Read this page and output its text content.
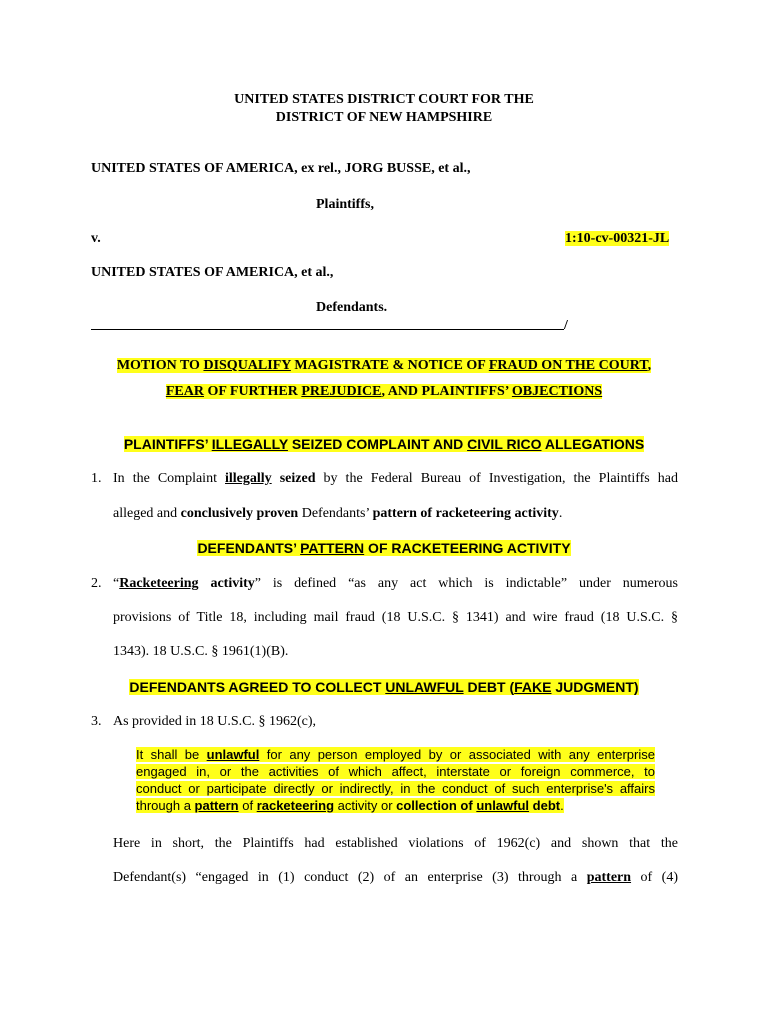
UNITED STATES DISTRICT COURT FOR THE
DISTRICT OF NEW HAMPSHIRE
UNITED STATES OF AMERICA, ex rel., JORG BUSSE, et al.,
Plaintiffs,
v.	1:10-cv-00321-JL
UNITED STATES OF AMERICA, et al.,
Defendants.
/
MOTION TO DISQUALIFY MAGISTRATE & NOTICE OF FRAUD ON THE COURT,
FEAR OF FURTHER PREJUDICE, AND PLAINTIFFS’ OBJECTIONS
PLAINTIFFS’ ILLEGALLY SEIZED COMPLAINT AND CIVIL RICO ALLEGATIONS
1. In the Complaint illegally seized by the Federal Bureau of Investigation, the Plaintiffs had
alleged and conclusively proven Defendants’ pattern of racketeering activity.
DEFENDANTS’ PATTERN OF RACKETEERING ACTIVITY
2. “Racketeering activity” is defined “as any act which is indictable” under numerous
provisions of Title 18, including mail fraud (18 U.S.C. § 1341) and wire fraud (18 U.S.C. §
1343). 18 U.S.C. § 1961(1)(B).
DEFENDANTS AGREED TO COLLECT UNLAWFUL DEBT (FAKE JUDGMENT)
3. As provided in 18 U.S.C. § 1962(c),
It shall be unlawful for any person employed by or associated with any enterprise
engaged in, or the activities of which affect, interstate or foreign commerce, to
conduct or participate directly or indirectly, in the conduct of such enterprise's affairs
through a pattern of racketeering activity or collection of unlawful debt.
Here in short, the Plaintiffs had established violations of 1962(c) and shown that the
Defendant(s) “engaged in (1) conduct (2) of an enterprise (3) through a pattern of (4)
